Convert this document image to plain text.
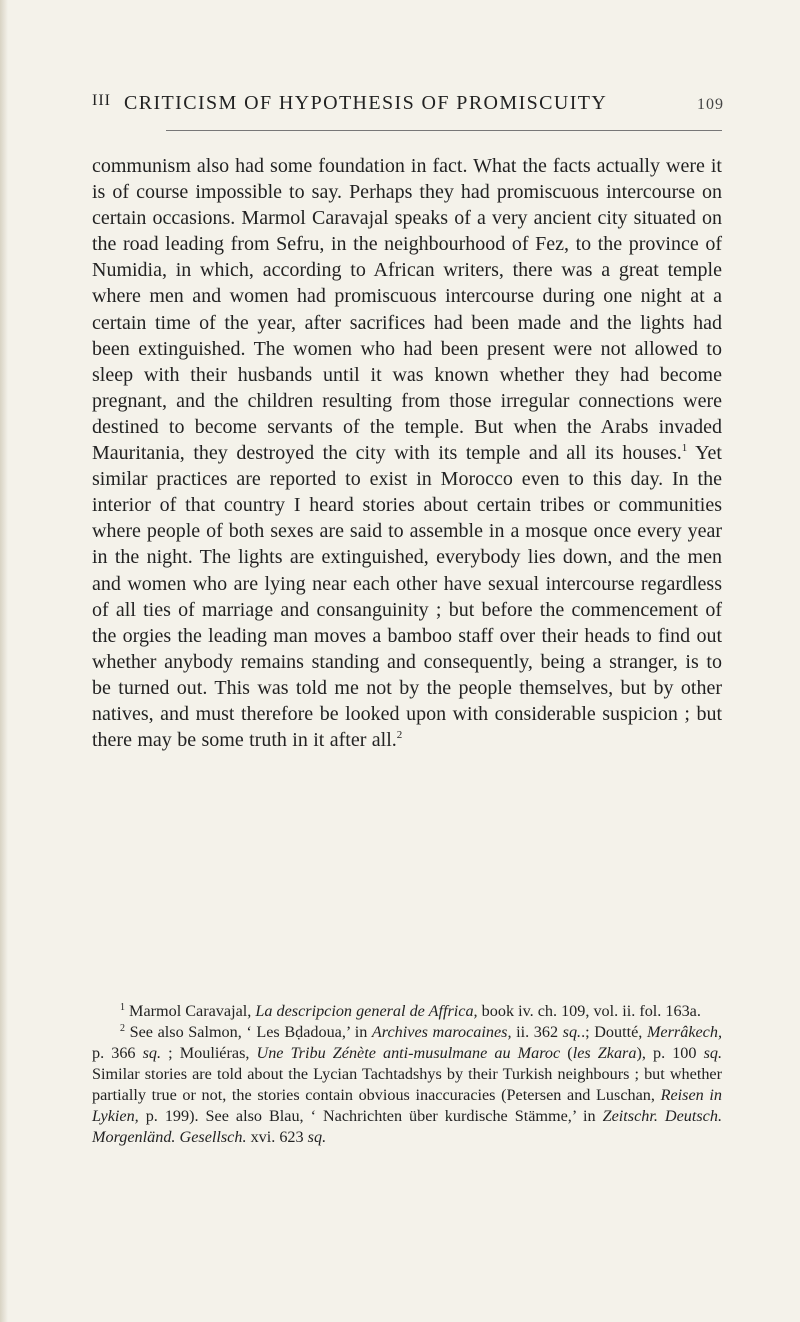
III CRITICISM OF HYPOTHESIS OF PROMISCUITY	109

communism also had some foundation in fact. What the facts actually were it is of course impossible to say. Perhaps they had promiscuous intercourse on certain occasions. Marmol Caravajal speaks of a very ancient city situated on the road leading from Sefru, in the neighbourhood of Fez, to the province of Numidia, in which, according to African writers, there was a great temple where men and women had promiscuous intercourse during one night at a certain time of the year, after sacrifices had been made and the lights had been extinguished. The women who had been present were not allowed to sleep with their husbands until it was known whether they had become pregnant, and the children resulting from those irregular connections were destined to become servants of the temple. But when the Arabs invaded Mauritania, they destroyed the city with its temple and all its houses.$^1$ Yet similar practices are reported to exist in Morocco even to this day. In the interior of that country I heard stories about certain tribes or communities where people of both sexes are said to assemble in a mosque once every year in the night. The lights are extinguished, everybody lies down, and the men and women who are lying near each other have sexual intercourse regardless of all ties of marriage and consanguinity ; but before the commencement of the orgies the leading man moves a bamboo staff over their heads to find out whether anybody remains standing and consequently, being a stranger, is to be turned out. This was told me not by the people themselves, but by other natives, and must therefore be looked upon with considerable suspicion ; but there may be some truth in it after all.$^2$

$^1$ Marmol Caravajal, La descripcion general de Affrica, book iv. ch. 109, vol. ii. fol. 163a.

$^2$ See also Salmon, ‘ Les Bḍadoua,’ in Archives marocaines, ii. 362 sq..; Doutté, Merrâkech, p. 366 sq. ; Mouliéras, Une Tribu Zénète anti-musulmane au Maroc (les Zkara), p. 100 sq. Similar stories are told about the Lycian Tachtadshys by their Turkish neighbours ; but whether partially true or not, the stories contain obvious inaccuracies (Petersen and Luschan, Reisen in Lykien, p. 199). See also Blau, ‘ Nachrichten über kurdische Stämme,’ in Zeitschr. Deutsch. Morgenländ. Gesellsch. xvi. 623 sq.
